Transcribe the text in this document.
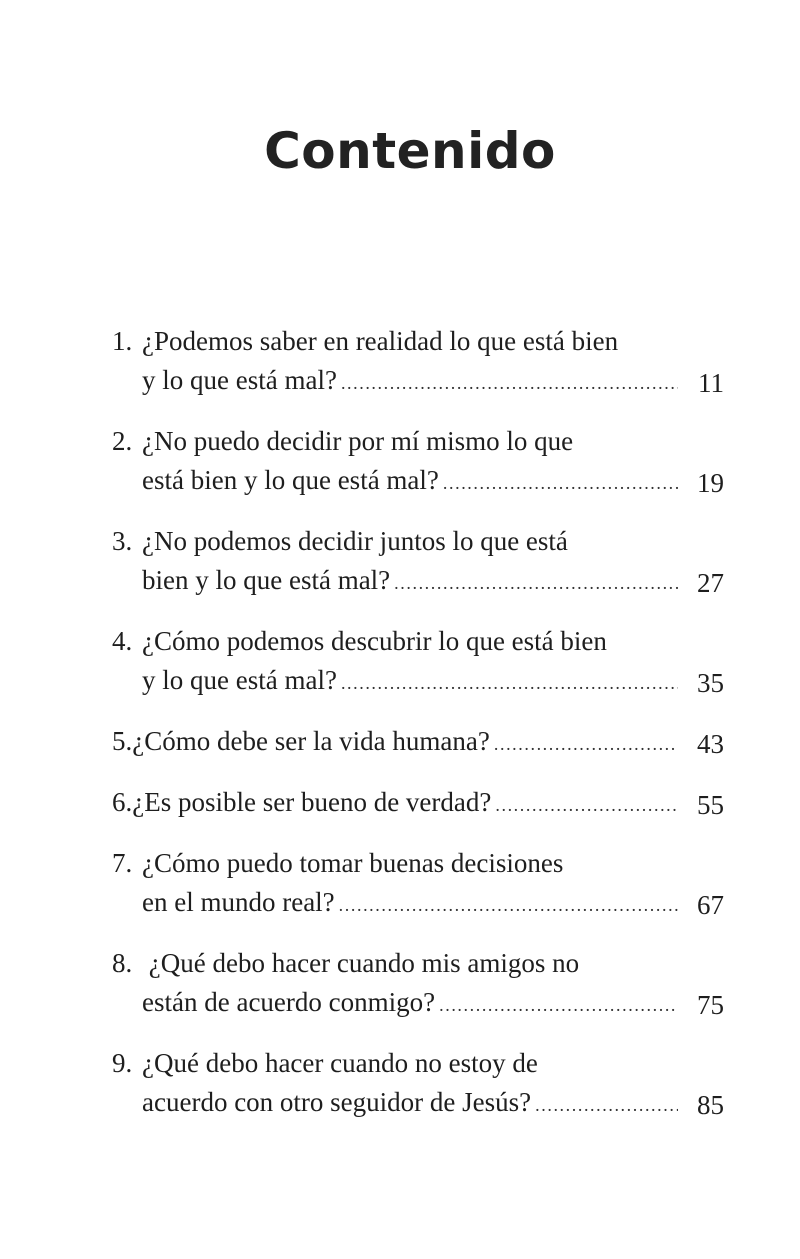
Contenido
1. ¿Podemos saber en realidad lo que está bien
y lo que está mal? .....	11
2. ¿No puedo decidir por mí mismo lo que
está bien y lo que está mal? .....	19
3. ¿No podemos decidir juntos lo que está
bien y lo que está mal? .....	27
4. ¿Cómo podemos descubrir lo que está bien
y lo que está mal? .....	35
5. ¿Cómo debe ser la vida humana? .....	43
6. ¿Es posible ser bueno de verdad? .....	55
7. ¿Cómo puedo tomar buenas decisiones
en el mundo real? .....	67
8. ¿Qué debo hacer cuando mis amigos no
están de acuerdo conmigo? .....	75
9. ¿Qué debo hacer cuando no estoy de
acuerdo con otro seguidor de Jesús? .....	85
